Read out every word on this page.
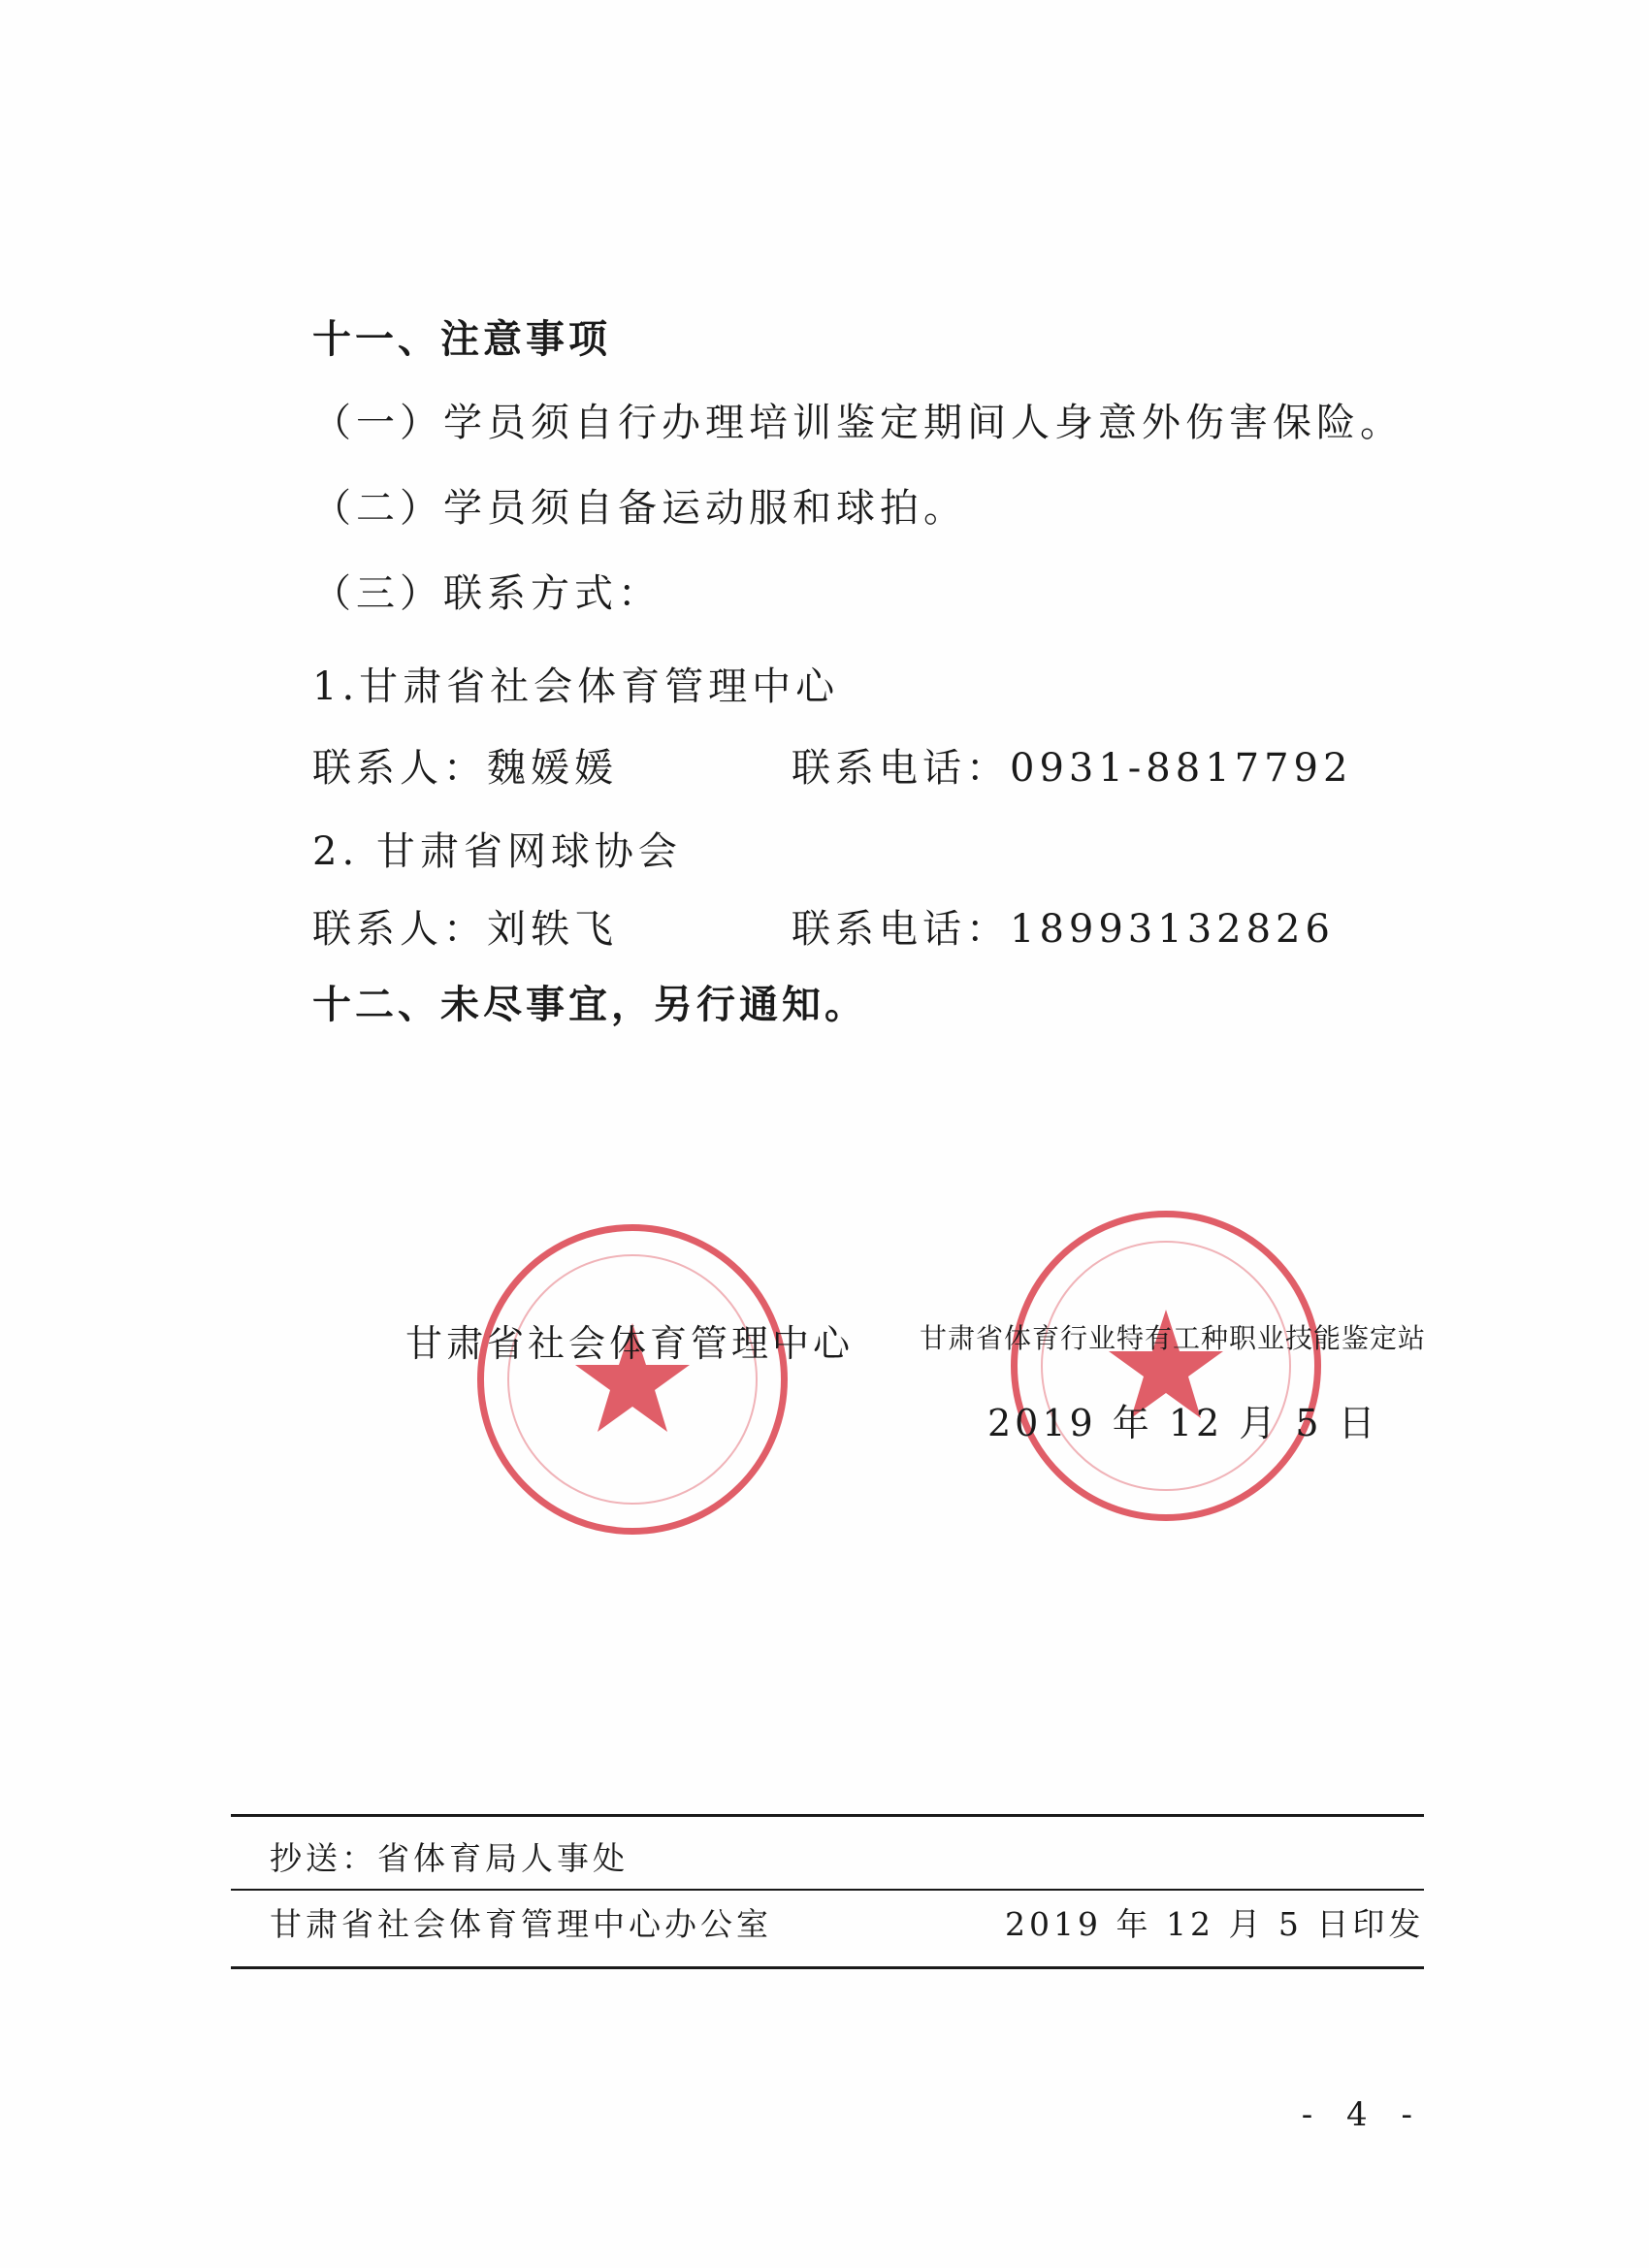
十一、注意事项
（一）学员须自行办理培训鉴定期间人身意外伤害保险。
（二）学员须自备运动服和球拍。
（三）联系方式：
1.甘肃省社会体育管理中心
联系人：魏媛媛	联系电话：0931-8817792
2. 甘肃省网球协会
联系人：刘轶飞	联系电话：18993132826
十二、未尽事宜，另行通知。
甘肃省社会体育管理中心 甘肃省体育行业特有工种职业技能鉴定站
2019 年 12 月 5 日
抄送：省体育局人事处
甘肃省社会体育管理中心办公室	2019 年 12 月 5 日印发
- 4 -
